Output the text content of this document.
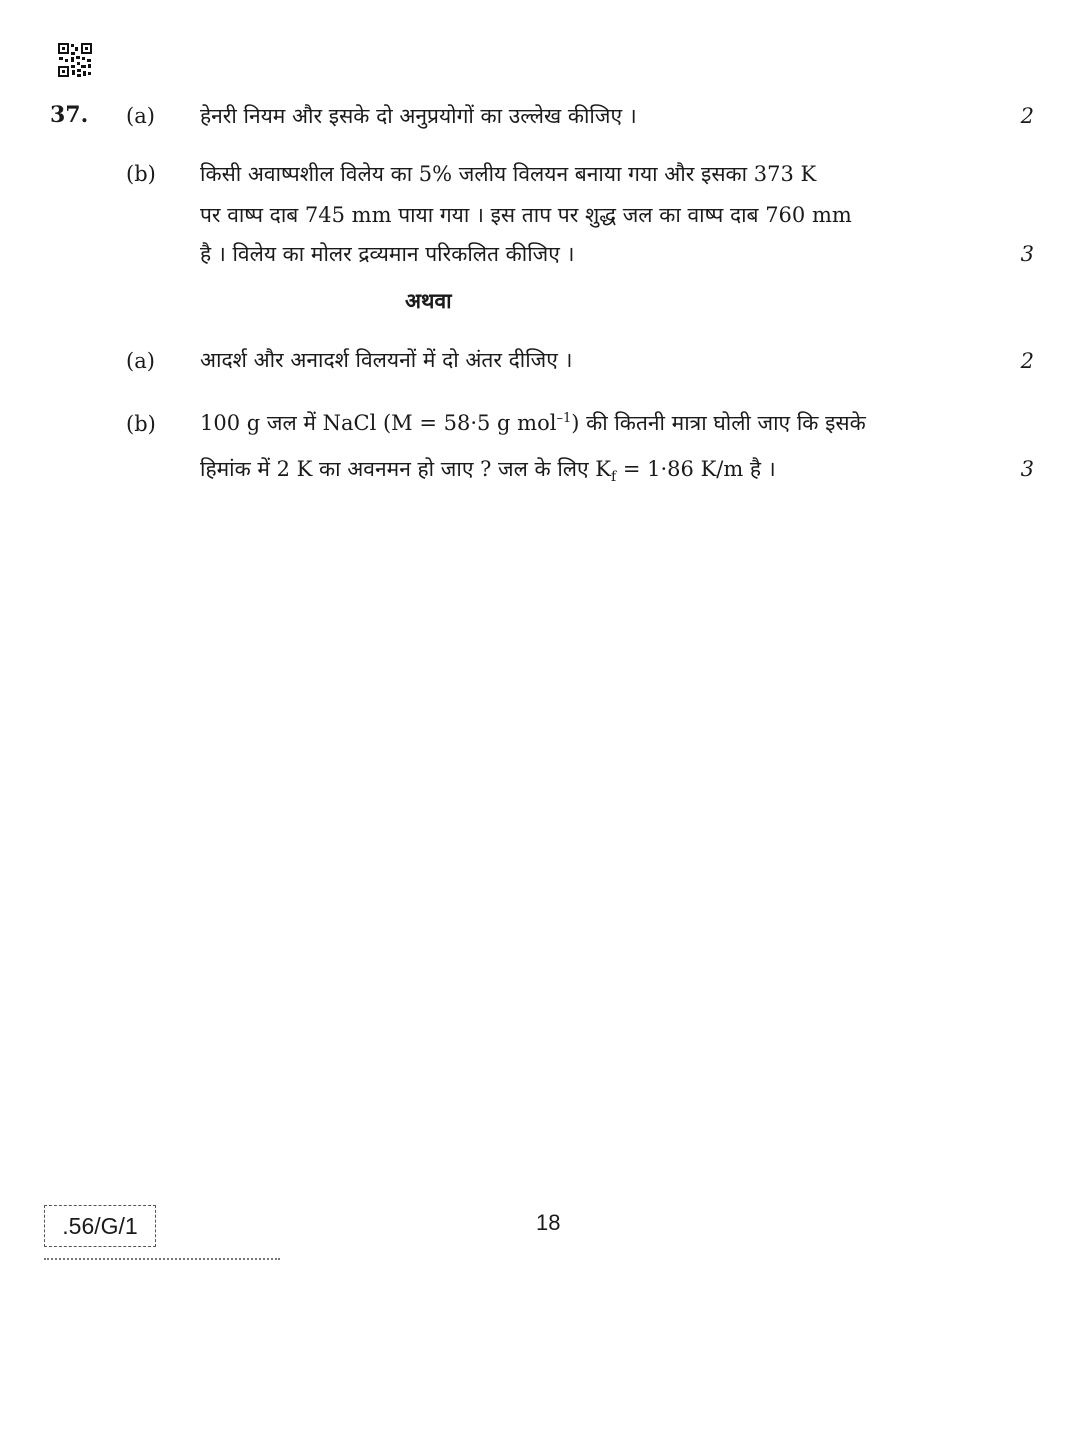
37. (a) हेनरी नियम और इसके दो अनुप्रयोगों का उल्लेख कीजिए ।	2
(b) किसी अवाष्पशील विलेय का 5% जलीय विलयन बनाया गया और इसका 373 K
पर वाष्प दाब 745 mm पाया गया । इस ताप पर शुद्ध जल का वाष्प दाब 760 mm
है । विलेय का मोलर द्रव्यमान परिकलित कीजिए ।	3
अथवा
(a) आदर्श और अनादर्श विलयनों में दो अंतर दीजिए ।	2
(b) 100 g जल में NaCl (M = 58·5 g mol$^{-1}$) की कितनी मात्रा घोली जाए कि इसके
हिमांक में 2 K का अवनमन हो जाए ? जल के लिए $K_f = 1\cdot 86$ K/m है ।	3
.56/G/1	18
